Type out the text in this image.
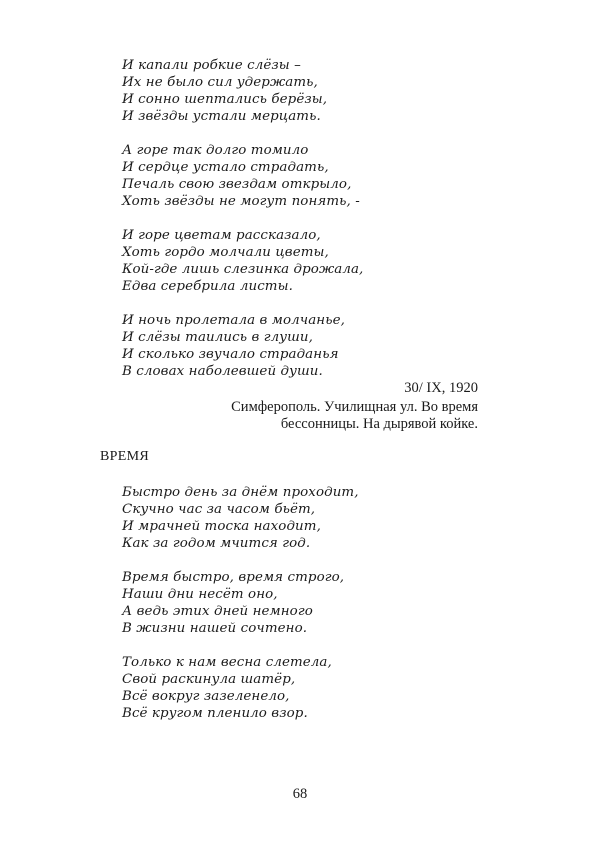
И капали робкие слёзы –
Их не было сил удержать,
И сонно шептались берёзы,
И звёзды устали мерцать.
А горе так долго томило
И сердце устало страдать,
Печаль свою звездам открыло,
Хоть звёзды не могут понять, -
И горе цветам рассказало,
Хоть гордо молчали цветы,
Кой-где лишь слезинка дрожала,
Едва серебрила листы.
И ночь пролетала в молчанье,
И слёзы таились в глуши,
И сколько звучало страданья
В словах наболевшей души.
30/ IX, 1920
Симферополь. Училищная ул. Во время
бессонницы. На дырявой койке.
ВРЕМЯ
Быстро день за днём проходит,
Скучно час за часом бьёт,
И мрачней тоска находит,
Как за годом мчится год.
Время быстро, время строго,
Наши дни несёт оно,
А ведь этих дней немного
В жизни нашей сочтено.
Только к нам весна слетела,
Свой раскинула шатёр,
Всё вокруг зазеленело,
Всё кругом пленило взор.
68
